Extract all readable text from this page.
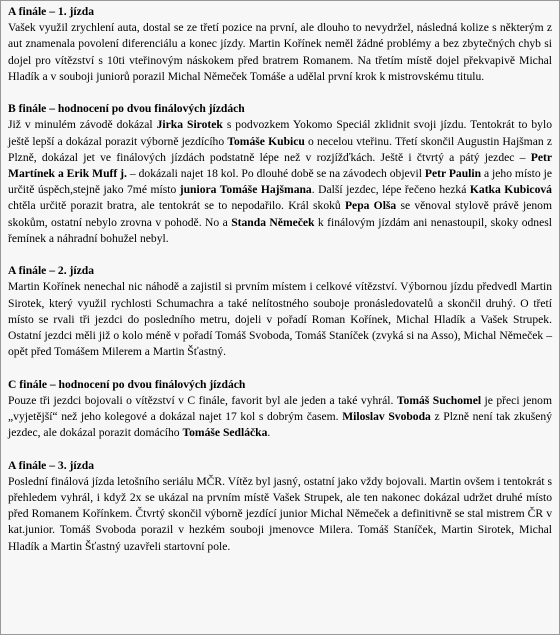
A finále – 1. jízda

Vašek využil zrychlení auta, dostal se ze třetí pozice na první, ale dlouho to nevydržel, následná kolize s některým z aut znamenala povolení diferenciálu a konec jízdy. Martin Kořínek neměl žádné problémy a bez zbytečných chyb si dojel pro vítězství s 10ti vteřinovým náskokem před bratrem Romanem. Na třetím místě dojel překvapivě Michal Hladík a v souboji juniorů porazil Michal Němeček Tomáše a udělal první krok k mistrovskému titulu.

B finále – hodnocení po dvou finálových jízdách

Již v minulém závodě dokázal Jirka Sirotek s podvozkem Yokomo Speciál zklidnit svoji jízdu. Tentokrát to bylo ještě lepší a dokázal porazit výborně jezdícího Tomáše Kubicu o necelou vteřinu. Třetí skončil Augustin Hajšman z Plzně, dokázal jet ve finálových jízdách podstatně lépe než v rozjížďkách. Ještě i čtvrtý a pátý jezdec – Petr Martínek a Erik Muff j. – dokázali najet 18 kol. Po dlouhé době se na závodech objevil Petr Paulin a jeho místo je určitě úspěch,stejně jako 7mé místo juniora Tomáše Hajšmana. Další jezdec, lépe řečeno hezká Katka Kubicová chtěla určitě porazit bratra, ale tentokrát se to nepodařilo. Král skoků Pepa Olša se věnoval stylově právě jenom skokům, ostatní nebylo zrovna v pohodě. No a Standa Němeček k finálovým jízdám ani nenastoupil, skoky odnesl řemínek a náhradní bohužel nebyl.

A finále – 2. jízda

Martin Kořínek nenechal nic náhodě a zajistil si prvním místem i celkové vítězství. Výbornou jízdu předvedl Martin Sirotek, který využil rychlosti Schumachra a také nelítostného souboje pronásledovatelů a skončil druhý. O třetí místo se rvali tři jezdci do posledního metru, dojeli v pořadí Roman Kořínek, Michal Hladík a Vašek Strupek. Ostatní jezdci měli již o kolo méně v pořadí Tomáš Svoboda, Tomáš Staníček (zvyká si na Asso), Michal Němeček – opět před Tomášem Milerem a Martin Šťastný.

C finále – hodnocení po dvou finálových jízdách

Pouze tři jezdci bojovali o vítězství v C finále, favorit byl ale jeden a také vyhrál. Tomáš Suchomel je přeci jenom „vyjetější“ než jeho kolegové a dokázal najet 17 kol s dobrým časem. Miloslav Svoboda z Plzně není tak zkušený jezdec, ale dokázal porazit domácího Tomáše Sedláčka.

A finále – 3. jízda

Poslední finálová jízda letošního seriálu MČR. Vítěz byl jasný, ostatní jako vždy bojovali. Martin ovšem i tentokrát s přehledem vyhrál, i když 2x se ukázal na prvním místě Vašek Strupek, ale ten nakonec dokázal udržet druhé místo před Romanem Kořínkem. Čtvrtý skončil výborně jezdící junior Michal Němeček a definitivně se stal mistrem ČR v kat.junior. Tomáš Svoboda porazil v hezkém souboji jmenovce Milera. Tomáš Staníček, Martin Sirotek, Michal Hladík a Martin Šťastný uzavřeli startovní pole.
